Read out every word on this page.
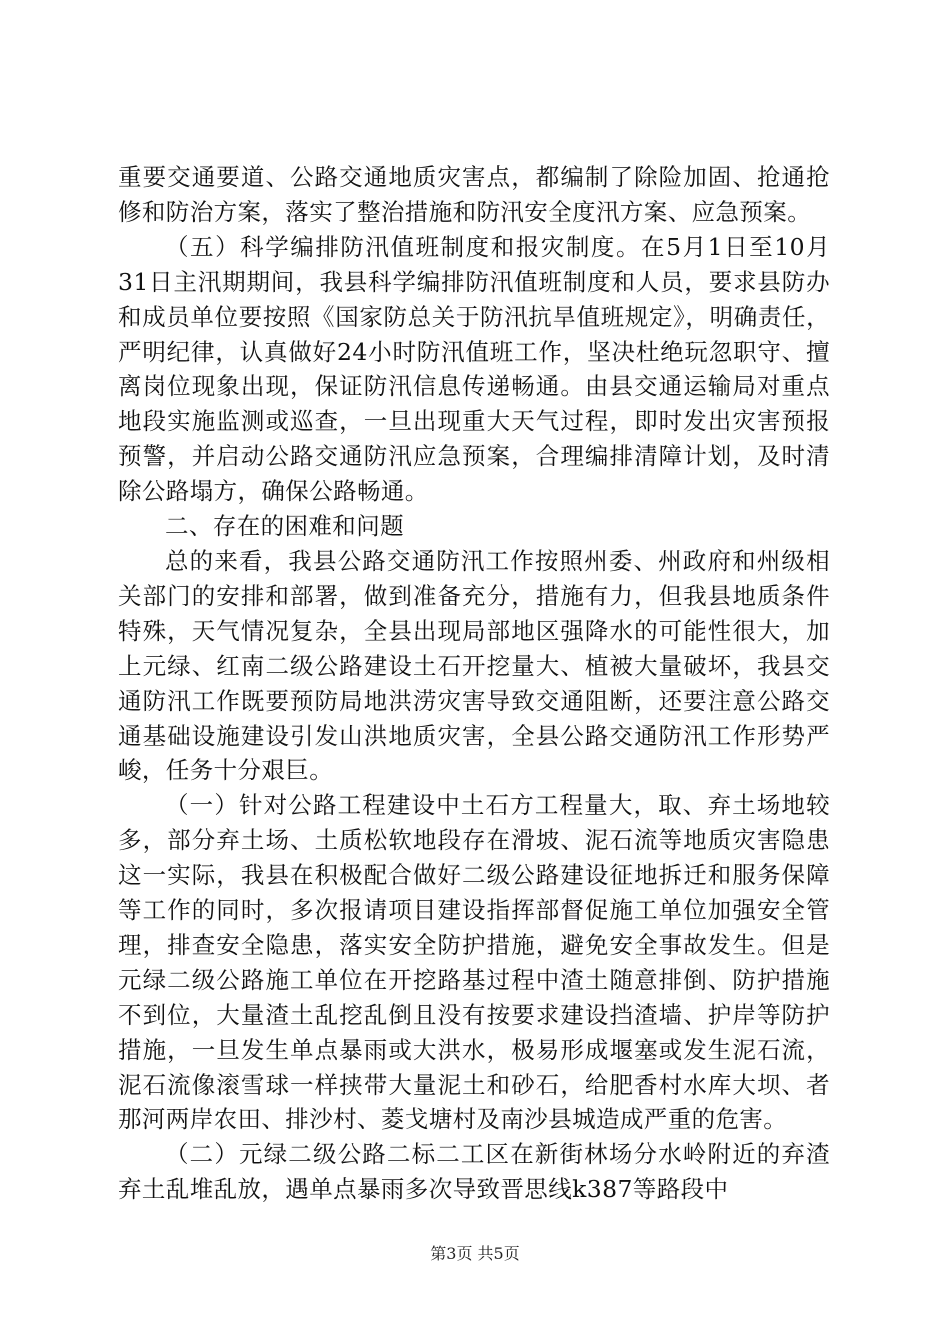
重要交通要道、公路交通地质灾害点，都编制了除险加固、抢通抢修和防治方案，落实了整治措施和防汛安全度汛方案、应急预案。

（五）科学编排防汛值班制度和报灾制度。在5月1日至10月31日主汛期期间，我县科学编排防汛值班制度和人员，要求县防办和成员单位要按照《国家防总关于防汛抗旱值班规定》，明确责任，严明纪律，认真做好24小时防汛值班工作，坚决杜绝玩忽职守、擅离岗位现象出现，保证防汛信息传递畅通。由县交通运输局对重点地段实施监测或巡查，一旦出现重大天气过程，即时发出灾害预报预警，并启动公路交通防汛应急预案，合理编排清障计划，及时清除公路塌方，确保公路畅通。

二、存在的困难和问题

总的来看，我县公路交通防汛工作按照州委、州政府和州级相关部门的安排和部署，做到准备充分，措施有力，但我县地质条件特殊，天气情况复杂，全县出现局部地区强降水的可能性很大，加上元绿、红南二级公路建设土石开挖量大、植被大量破坏，我县交通防汛工作既要预防局地洪涝灾害导致交通阻断，还要注意公路交通基础设施建设引发山洪地质灾害，全县公路交通防汛工作形势严峻，任务十分艰巨。

（一）针对公路工程建设中土石方工程量大，取、弃土场地较多，部分弃土场、土质松软地段存在滑坡、泥石流等地质灾害隐患这一实际，我县在积极配合做好二级公路建设征地拆迁和服务保障等工作的同时，多次报请项目建设指挥部督促施工单位加强安全管理，排查安全隐患，落实安全防护措施，避免安全事故发生。但是元绿二级公路施工单位在开挖路基过程中渣土随意排倒、防护措施不到位，大量渣土乱挖乱倒且没有按要求建设挡渣墙、护岸等防护措施，一旦发生单点暴雨或大洪水，极易形成堰塞或发生泥石流，泥石流像滚雪球一样挟带大量泥土和砂石，给肥香村水库大坝、者那河两岸农田、排沙村、菱戈塘村及南沙县城造成严重的危害。

（二）元绿二级公路二标二工区在新街林场分水岭附近的弃渣弃土乱堆乱放，遇单点暴雨多次导致晋思线k387等路段中

第3页 共5页
